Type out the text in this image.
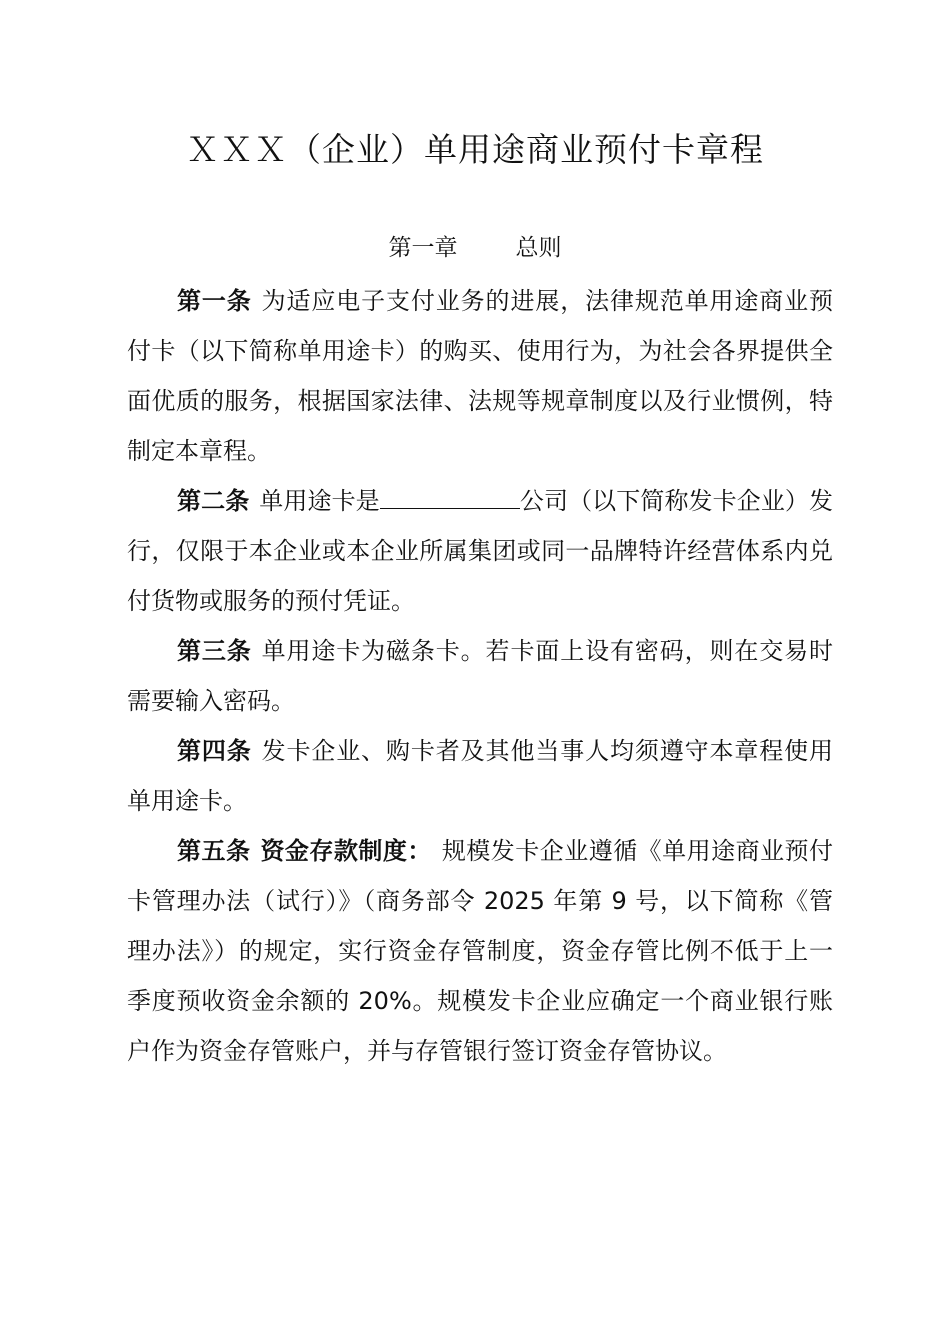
ＸＸＸ（企业）单用途商业预付卡章程
第一章	总则

第一条 为适应电子支付业务的进展，法律规范单用途商业预付卡（以下简称单用途卡）的购买、使用行为，为社会各界提供全面优质的服务，根据国家法律、法规等规章制度以及行业惯例，特制定本章程。

第二条 单用途卡是	公司（以下简称发卡企业）发行，仅限于本企业或本企业所属集团或同一品牌特许经营体系内兑付货物或服务的预付凭证。

第三条 单用途卡为磁条卡。若卡面上设有密码，则在交易时需要输入密码。

第四条 发卡企业、购卡者及其他当事人均须遵守本章程使用单用途卡。

第五条 资金存款制度： 规模发卡企业遵循《单用途商业预付卡管理办法（试行）》（商务部令 2025 年第 9 号，以下简称《管理办法》）的规定，实行资金存管制度，资金存管比例不低于上一季度预收资金余额的 20%。规模发卡企业应确定一个商业银行账户作为资金存管账户，并与存管银行签订资金存管协议。
